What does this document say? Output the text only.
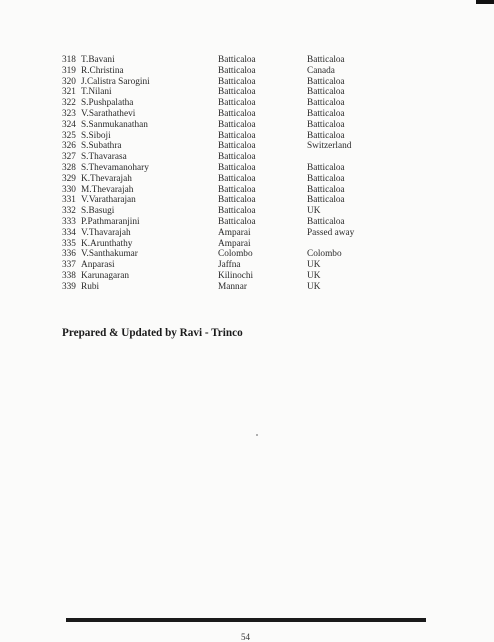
318 T.Bavani	Batticaloa	Batticaloa
319 R.Christina	Batticaloa	Canada
320 J.Calistra Sarogini	Batticaloa	Batticaloa
321 T.Nilani	Batticaloa	Batticaloa
322 S.Pushpalatha	Batticaloa	Batticaloa
323 V.Sarathathevi	Batticaloa	Batticaloa
324 S.Sanmukanathan	Batticaloa	Batticaloa
325 S.Siboji	Batticaloa	Batticaloa
326 S.Subathra	Batticaloa	Switzerland
327 S.Thavarasa	Batticaloa
328 S.Thevamanohary	Batticaloa	Batticaloa
329 K.Thevarajah	Batticaloa	Batticaloa
330 M.Thevarajah	Batticaloa	Batticaloa
331 V.Varatharajan	Batticaloa	Batticaloa
332 S.Basugi	Batticaloa	UK
333 P.Pathmaranjini	Batticaloa	Batticaloa
334 V.Thavarajah	Amparai	Passed away
335 K.Arunthathy	Amparai
336 V.Santhakumar	Colombo	Colombo
337 Anparasi	Jaffna	UK
338 Karunagaran	Kilinochi	UK
339 Rubi	Mannar	UK
Prepared & Updated by Ravi - Trinco
54
